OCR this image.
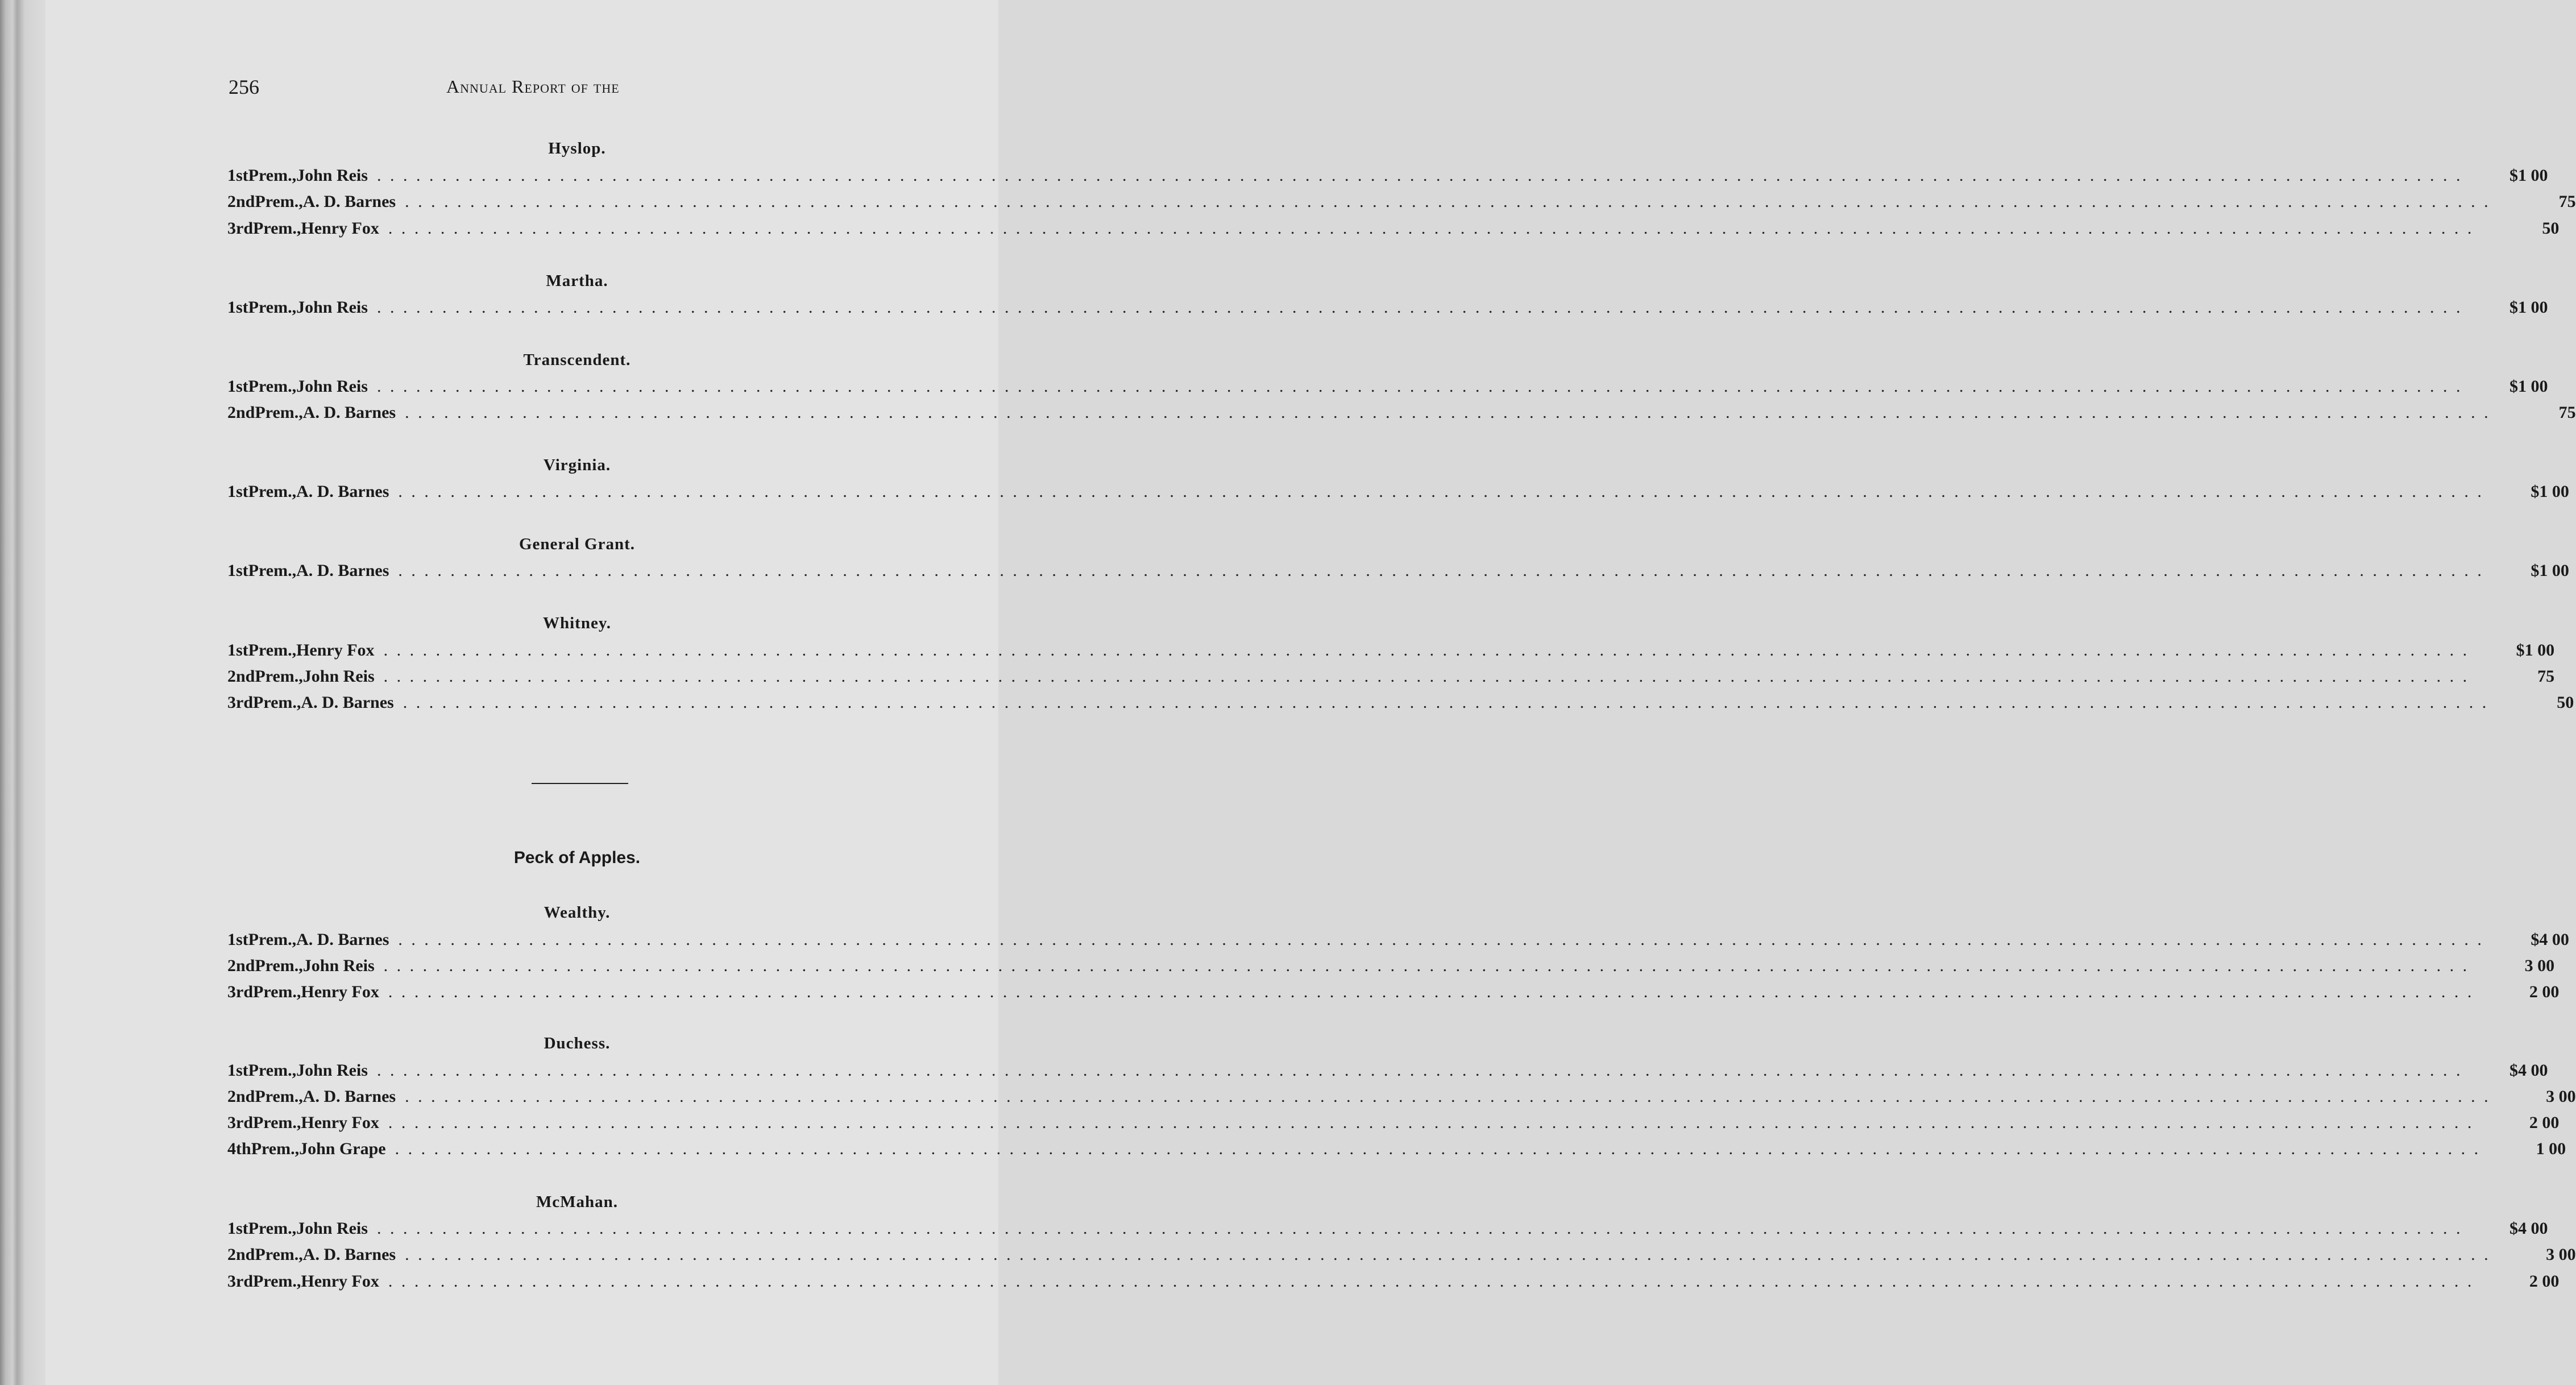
256	Annual Report of the
Peck of Apples.
Hyslop.
1st Prem., John Reis . . . . . . . . . . . . . . . . . . . . . . . . . . . . . . . . . . . . . . . . . . . . . . . . . . . . . . . . . . . . . . . . . . . . . . . . . . . . . . . . . . . . . . . . . . . . . . . . . . . . . . . . . . . . . . . . . . . . . . . . . . . . . . . . . . . . . . . . . . . . . . . . . . . . . . . . . . . . . . . .	$1 00
2nd Prem., A. D. Barnes . . . . . . . . . . . . . . . . . . . . . . . . . . . . . . . . . . . . . . . . . . . . . . . . . . . . . . . . . . . . . . . . . . . . . . . . . . . . . . . . . . . . . . . . . . . . . . . . . . . . . . . . . . . . . . . . . . . . . . . . . . . . . . . . . . . . . . . . . . . . . . . . . . . . . . . . . . . . . . . .	75
3rd Prem., Henry Fox . . . . . . . . . . . . . . . . . . . . . . . . . . . . . . . . . . . . . . . . . . . . . . . . . . . . . . . . . . . . . . . . . . . . . . . . . . . . . . . . . . . . . . . . . . . . . . . . . . . . . . . . . . . . . . . . . . . . . . . . . . . . . . . . . . . . . . . . . . . . . . . . . . . . . . . . . . . . . . . .	50
Martha.
1st Prem., John Reis . . . . . . . . . . . . . . . . . . . . . . . . . . . . . . . . . . . . . . . . . . . . . . . . . . . . . . . . . . . . . . . . . . . . . . . . . . . . . . . . . . . . . . . . . . . . . . . . . . . . . . . . . . . . . . . . . . . . . . . . . . . . . . . . . . . . . . . . . . . . . . . . . . . . . . . . . . . . . . . .	$1 00
Transcendent.
1st Prem., John Reis . . . . . . . . . . . . . . . . . . . . . . . . . . . . . . . . . . . . . . . . . . . . . . . . . . . . . . . . . . . . . . . . . . . . . . . . . . . . . . . . . . . . . . . . . . . . . . . . . . . . . . . . . . . . . . . . . . . . . . . . . . . . . . . . . . . . . . . . . . . . . . . . . . . . . . . . . . . . . . . .	$1 00
2nd Prem., A. D. Barnes . . . . . . . . . . . . . . . . . . . . . . . . . . . . . . . . . . . . . . . . . . . . . . . . . . . . . . . . . . . . . . . . . . . . . . . . . . . . . . . . . . . . . . . . . . . . . . . . . . . . . . . . . . . . . . . . . . . . . . . . . . . . . . . . . . . . . . . . . . . . . . . . . . . . . . . . . . . . . . . .	75
Virginia.
1st Prem., A. D. Barnes . . . . . . . . . . . . . . . . . . . . . . . . . . . . . . . . . . . . . . . . . . . . . . . . . . . . . . . . . . . . . . . . . . . . . . . . . . . . . . . . . . . . . . . . . . . . . . . . . . . . . . . . . . . . . . . . . . . . . . . . . . . . . . . . . . . . . . . . . . . . . . . . . . . . . . . . . . . . . . . .	$1 00
General Grant.
1st Prem., A. D. Barnes . . . . . . . . . . . . . . . . . . . . . . . . . . . . . . . . . . . . . . . . . . . . . . . . . . . . . . . . . . . . . . . . . . . . . . . . . . . . . . . . . . . . . . . . . . . . . . . . . . . . . . . . . . . . . . . . . . . . . . . . . . . . . . . . . . . . . . . . . . . . . . . . . . . . . . . . . . . . . . . .	$1 00
Whitney.
1st Prem., Henry Fox . . . . . . . . . . . . . . . . . . . . . . . . . . . . . . . . . . . . . . . . . . . . . . . . . . . . . . . . . . . . . . . . . . . . . . . . . . . . . . . . . . . . . . . . . . . . . . . . . . . . . . . . . . . . . . . . . . . . . . . . . . . . . . . . . . . . . . . . . . . . . . . . . . . . . . . . . . . . . . . .	$1 00
2nd Prem., John Reis . . . . . . . . . . . . . . . . . . . . . . . . . . . . . . . . . . . . . . . . . . . . . . . . . . . . . . . . . . . . . . . . . . . . . . . . . . . . . . . . . . . . . . . . . . . . . . . . . . . . . . . . . . . . . . . . . . . . . . . . . . . . . . . . . . . . . . . . . . . . . . . . . . . . . . . . . . . . . . . .	75
3rd Prem., A. D. Barnes . . . . . . . . . . . . . . . . . . . . . . . . . . . . . . . . . . . . . . . . . . . . . . . . . . . . . . . . . . . . . . . . . . . . . . . . . . . . . . . . . . . . . . . . . . . . . . . . . . . . . . . . . . . . . . . . . . . . . . . . . . . . . . . . . . . . . . . . . . . . . . . . . . . . . . . . . . . . . . . .	50
Wealthy.
1st Prem., A. D. Barnes . . . . . . . . . . . . . . . . . . . . . . . . . . . . . . . . . . . . . . . . . . . . . . . . . . . . . . . . . . . . . . . . . . . . . . . . . . . . . . . . . . . . . . . . . . . . . . . . . . . . . . . . . . . . . . . . . . . . . . . . . . . . . . . . . . . . . . . . . . . . . . . . . . . . . . . . . . . . . . . .	$4 00
2nd Prem., John Reis . . . . . . . . . . . . . . . . . . . . . . . . . . . . . . . . . . . . . . . . . . . . . . . . . . . . . . . . . . . . . . . . . . . . . . . . . . . . . . . . . . . . . . . . . . . . . . . . . . . . . . . . . . . . . . . . . . . . . . . . . . . . . . . . . . . . . . . . . . . . . . . . . . . . . . . . . . . . . . . .	3 00
3rd Prem., Henry Fox . . . . . . . . . . . . . . . . . . . . . . . . . . . . . . . . . . . . . . . . . . . . . . . . . . . . . . . . . . . . . . . . . . . . . . . . . . . . . . . . . . . . . . . . . . . . . . . . . . . . . . . . . . . . . . . . . . . . . . . . . . . . . . . . . . . . . . . . . . . . . . . . . . . . . . . . . . . . . . . .	2 00
Duchess.
1st Prem., John Reis . . . . . . . . . . . . . . . . . . . . . . . . . . . . . . . . . . . . . . . . . . . . . . . . . . . . . . . . . . . . . . . . . . . . . . . . . . . . . . . . . . . . . . . . . . . . . . . . . . . . . . . . . . . . . . . . . . . . . . . . . . . . . . . . . . . . . . . . . . . . . . . . . . . . . . . . . . . . . . . .	$4 00
2nd Prem., A. D. Barnes . . . . . . . . . . . . . . . . . . . . . . . . . . . . . . . . . . . . . . . . . . . . . . . . . . . . . . . . . . . . . . . . . . . . . . . . . . . . . . . . . . . . . . . . . . . . . . . . . . . . . . . . . . . . . . . . . . . . . . . . . . . . . . . . . . . . . . . . . . . . . . . . . . . . . . . . . . . . . . . .	3 00
3rd Prem., Henry Fox . . . . . . . . . . . . . . . . . . . . . . . . . . . . . . . . . . . . . . . . . . . . . . . . . . . . . . . . . . . . . . . . . . . . . . . . . . . . . . . . . . . . . . . . . . . . . . . . . . . . . . . . . . . . . . . . . . . . . . . . . . . . . . . . . . . . . . . . . . . . . . . . . . . . . . . . . . . . . . . .	2 00
4th Prem., John Grape . . . . . . . . . . . . . . . . . . . . . . . . . . . . . . . . . . . . . . . . . . . . . . . . . . . . . . . . . . . . . . . . . . . . . . . . . . . . . . . . . . . . . . . . . . . . . . . . . . . . . . . . . . . . . . . . . . . . . . . . . . . . . . . . . . . . . . . . . . . . . . . . . . . . . . . . . . . . . . . .	1 00
McMahan.
1st Prem., John Reis . . . . . . . . . . . . . . . . . . . . . . . . . . . . . . . . . . . . . . . . . . . . . . . . . . . . . . . . . . . . . . . . . . . . . . . . . . . . . . . . . . . . . . . . . . . . . . . . . . . . . . . . . . . . . . . . . . . . . . . . . . . . . . . . . . . . . . . . . . . . . . . . . . . . . . . . . . . . . . . .	$4 00
2nd Prem., A. D. Barnes . . . . . . . . . . . . . . . . . . . . . . . . . . . . . . . . . . . . . . . . . . . . . . . . . . . . . . . . . . . . . . . . . . . . . . . . . . . . . . . . . . . . . . . . . . . . . . . . . . . . . . . . . . . . . . . . . . . . . . . . . . . . . . . . . . . . . . . . . . . . . . . . . . . . . . . . . . . . . . . .	3 00
3rd Prem., Henry Fox . . . . . . . . . . . . . . . . . . . . . . . . . . . . . . . . . . . . . . . . . . . . . . . . . . . . . . . . . . . . . . . . . . . . . . . . . . . . . . . . . . . . . . . . . . . . . . . . . . . . . . . . . . . . . . . . . . . . . . . . . . . . . . . . . . . . . . . . . . . . . . . . . . . . . . . . . . . . . . . .	2 00
